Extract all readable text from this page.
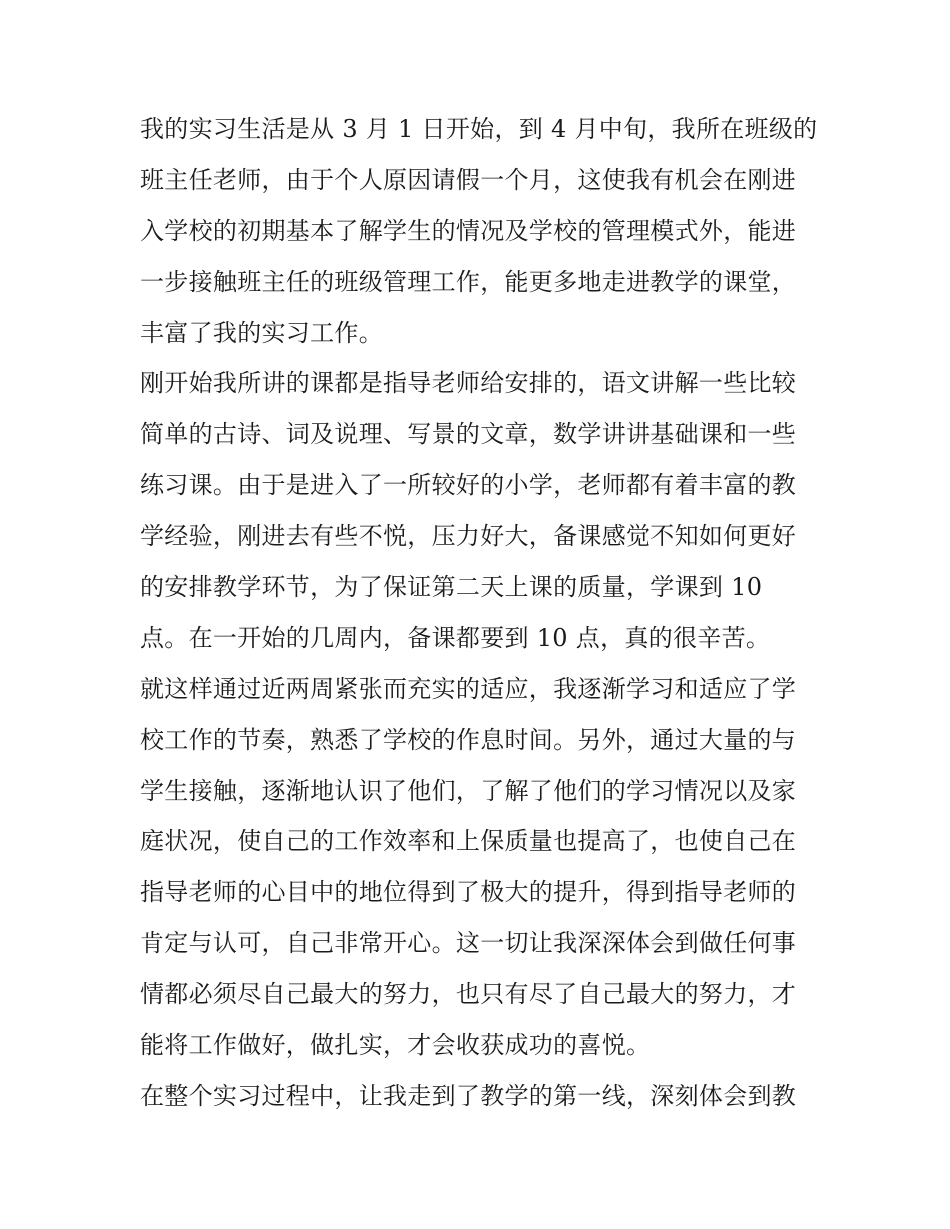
我的实习生活是从 3 月 1 日开始，到 4 月中旬，我所在班级的
班主任老师，由于个人原因请假一个月，这使我有机会在刚进
入学校的初期基本了解学生的情况及学校的管理模式外，能进
一步接触班主任的班级管理工作，能更多地走进教学的课堂，
丰富了我的实习工作。
刚开始我所讲的课都是指导老师给安排的，语文讲解一些比较
简单的古诗、词及说理、写景的文章，数学讲讲基础课和一些
练习课。由于是进入了一所较好的小学，老师都有着丰富的教
学经验，刚进去有些不悦，压力好大，备课感觉不知如何更好
的安排教学环节，为了保证第二天上课的质量，学课到 10
点。在一开始的几周内，备课都要到 10 点，真的很辛苦。
就这样通过近两周紧张而充实的适应，我逐渐学习和适应了学
校工作的节奏，熟悉了学校的作息时间。另外，通过大量的与
学生接触，逐渐地认识了他们，了解了他们的学习情况以及家
庭状况，使自己的工作效率和上保质量也提高了，也使自己在
指导老师的心目中的地位得到了极大的提升，得到指导老师的
肯定与认可，自己非常开心。这一切让我深深体会到做任何事
情都必须尽自己最大的努力，也只有尽了自己最大的努力，才
能将工作做好，做扎实，才会收获成功的喜悦。
在整个实习过程中，让我走到了教学的第一线，深刻体会到教
